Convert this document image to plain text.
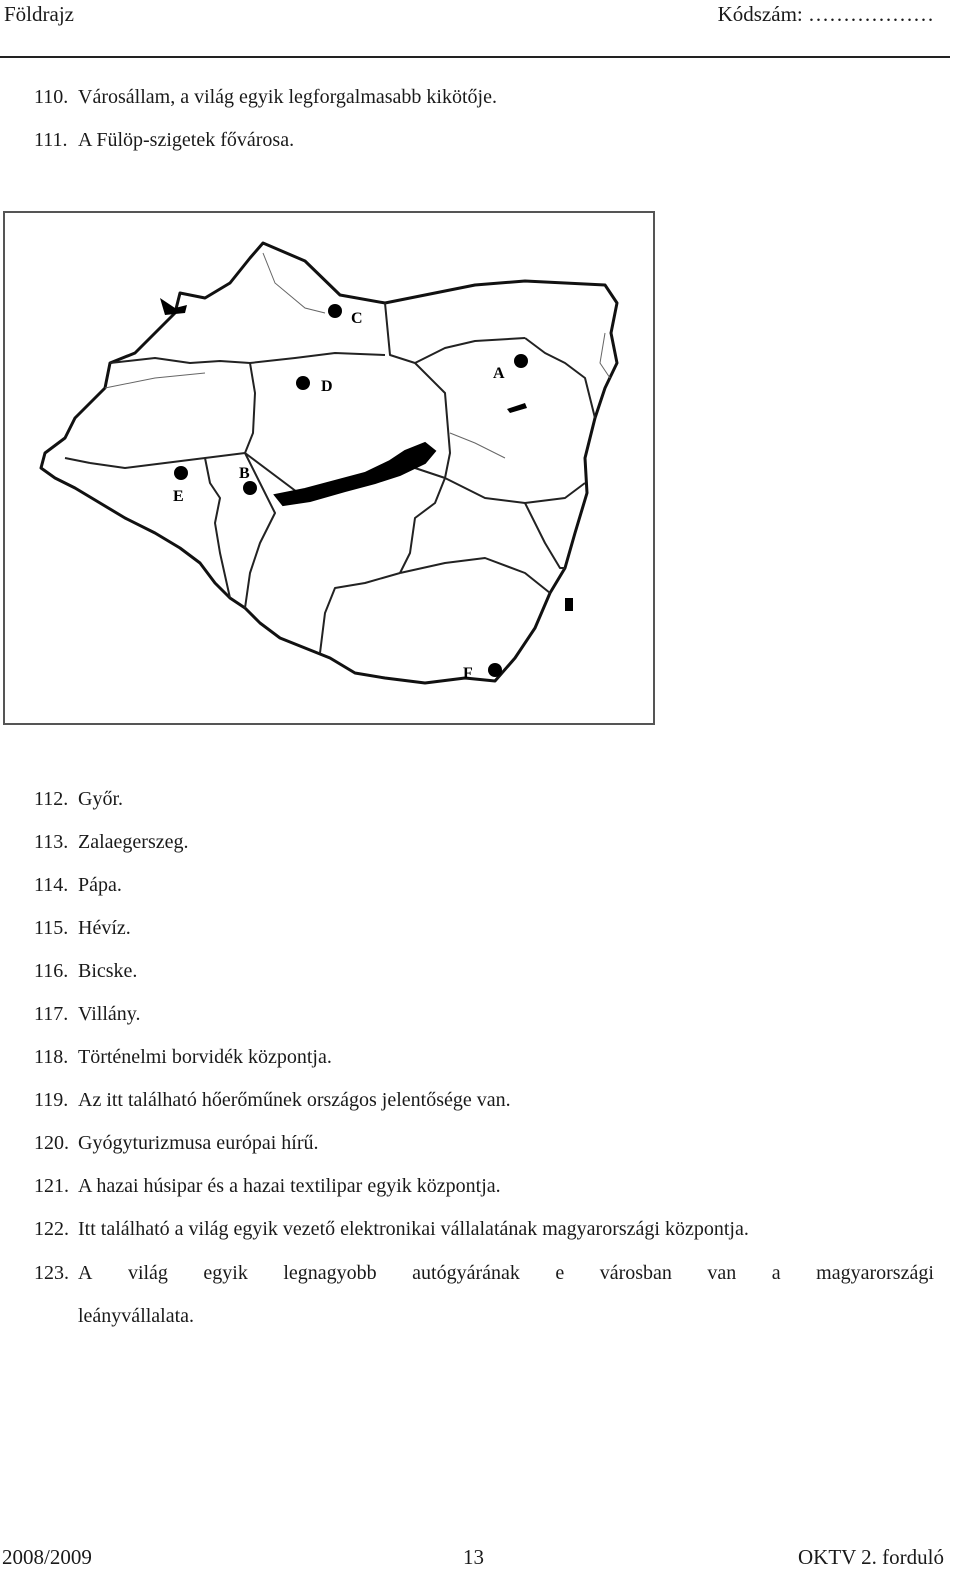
Földrajz	Kódszám: ………………
110. Városállam, a világ egyik legforgalmasabb kikötője.
111. A Fülöp-szigetek fővárosa.
C
A
D
E
B
F
112. Győr.
113. Zalaegerszeg.
114. Pápa.
115. Hévíz.
116. Bicske.
117. Villány.
118. Történelmi borvidék központja.
119. Az itt található hőerőműnek országos jelentősége van.
120. Gyógyturizmusa európai hírű.
121. A hazai húsipar és a hazai textilipar egyik központja.
122. Itt található a világ egyik vezető elektronikai vállalatának magyarországi központja.
123. A világ egyik legnagyobb autógyárának e városban van a magyarországi
leányvállalata.
2008/2009	13	OKTV 2. forduló
